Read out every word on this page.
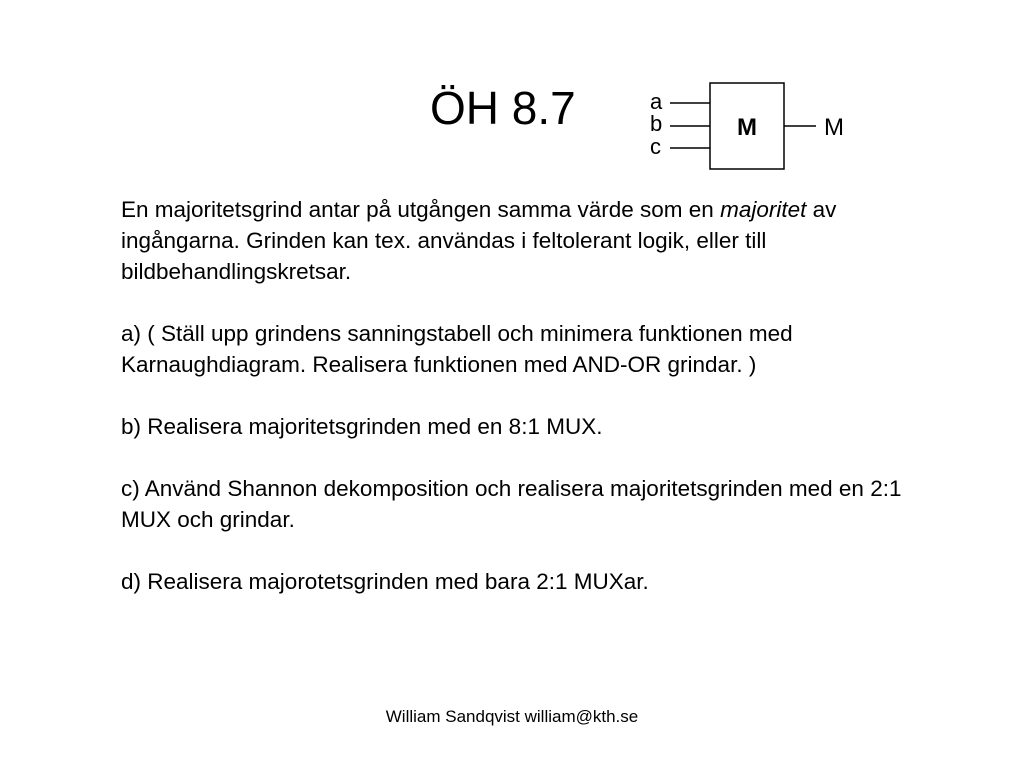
ÖH 8.7	a
b
c
M	M

En majoritetsgrind antar på utgången samma värde som en majoritet av ingångarna. Grinden kan tex. användas i feltolerant logik, eller till bildbehandlingskretsar.

a) ( Ställ upp grindens sanningstabell och minimera funktionen med Karnaughdiagram. Realisera funktionen med AND-OR grindar. )

b) Realisera majoritetsgrinden med en 8:1 MUX.

c) Använd Shannon dekomposition och realisera majoritetsgrinden med en 2:1 MUX och grindar.

d) Realisera majorotetsgrinden med bara 2:1 MUXar.

William Sandqvist william@kth.se
